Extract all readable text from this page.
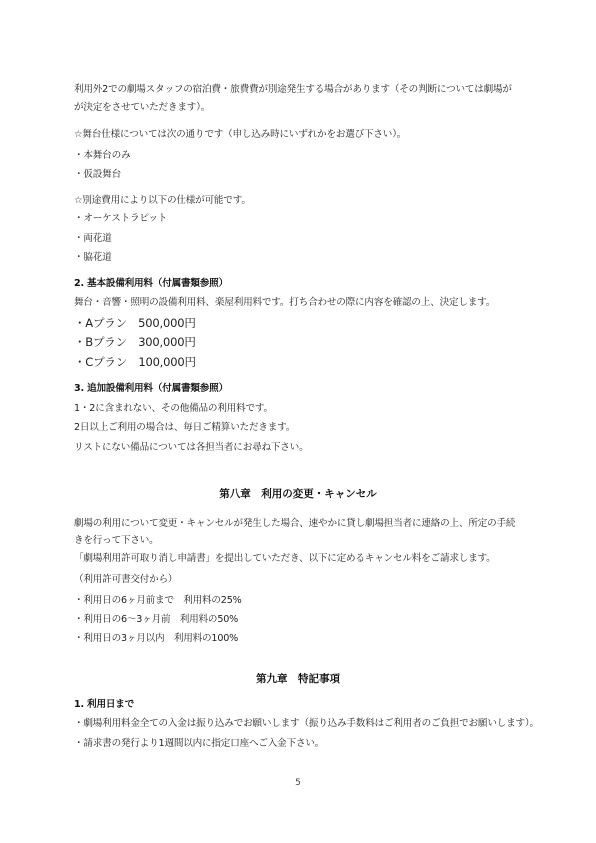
利用外2での劇場スタッフの宿泊費・旅費費が別途発生する場合があります（その判断については劇場が
が決定をさせていただきます）。
☆舞台仕様については次の通りです（申し込み時にいずれかをお選び下さい）。
・本舞台のみ
・仮設舞台
☆別途費用により以下の仕様が可能です。
・オーケストラピット
・両花道
・脇花道
2. 基本設備利用料（付属書類参照）
舞台・音響・照明の設備利用料、楽屋利用料です。打ち合わせの際に内容を確認の上、決定します。
・Aプラン　500,000円
・Bプラン　300,000円
・Cプラン　100,000円
3. 追加設備利用料（付属書類参照）
1・2に含まれない、その他備品の利用料です。
2日以上ご利用の場合は、毎日ご精算いただきます。
リストにない備品については各担当者にお尋ね下さい。
第八章　利用の変更・キャンセル
劇場の利用について変更・キャンセルが発生した場合、速やかに貸し劇場担当者に連絡の上、所定の手続
きを行って下さい。
「劇場利用許可取り消し申請書」を提出していただき、以下に定めるキャンセル料をご請求します。
（利用許可書交付から）
・利用日の6ヶ月前まで　利用料の25%
・利用日の6〜3ヶ月前　利用料の50%
・利用日の3ヶ月以内　利用料の100%
第九章　特記事項
1. 利用日まで
・劇場利用料金全ての入金は振り込みでお願いします（振り込み手数料はご利用者のご負担でお願いします）。
・請求書の発行より1週間以内に指定口座へご入金下さい。
5
